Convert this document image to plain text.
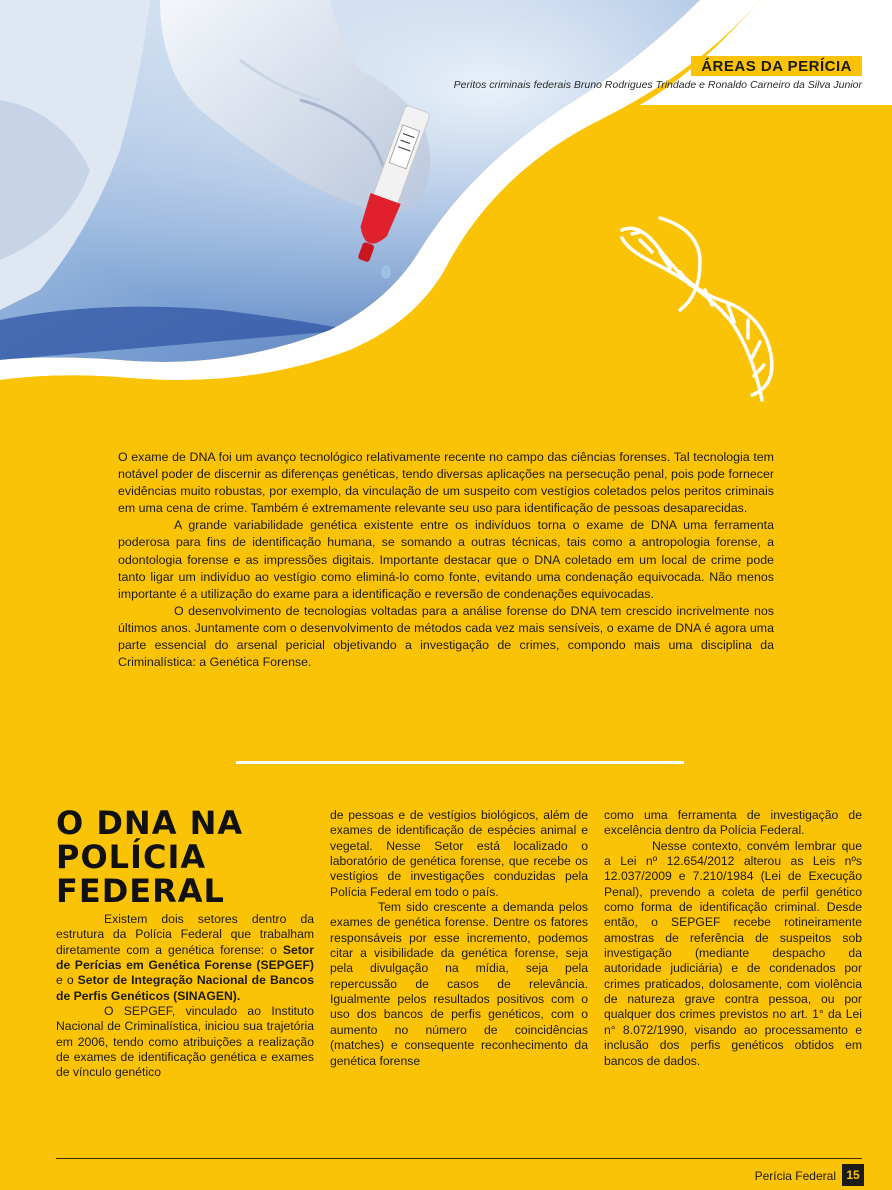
ÁREAS DA PERÍCIA
Peritos criminais federais Bruno Rodrigues Trindade e Ronaldo Carneiro da Silva Junior

O exame de DNA foi um avanço tecnológico relativamente recente no campo das ciências forenses. Tal tecnologia tem notável poder de discernir as diferenças genéticas, tendo diversas aplicações na persecução penal, pois pode fornecer evidências muito robustas, por exemplo, da vinculação de um suspeito com vestígios coletados pelos peritos criminais em uma cena de crime. Também é extremamente relevante seu uso para identificação de pessoas desaparecidas.

A grande variabilidade genética existente entre os indivíduos torna o exame de DNA uma ferramenta poderosa para fins de identificação humana, se somando a outras técnicas, tais como a antropologia forense, a odontologia forense e as impressões digitais. Importante destacar que o DNA coletado em um local de crime pode tanto ligar um indivíduo ao vestígio como eliminá-lo como fonte, evitando uma condenação equivocada. Não menos importante é a utilização do exame para a identificação e reversão de condenações equivocadas.

O desenvolvimento de tecnologias voltadas para a análise forense do DNA tem crescido incrivelmente nos últimos anos. Juntamente com o desenvolvimento de métodos cada vez mais sensíveis, o exame de DNA é agora uma parte essencial do arsenal pericial objetivando a investigação de crimes, compondo mais uma disciplina da Criminalística: a Genética Forense.

O DNA NA POLÍCIA FEDERAL

Existem dois setores dentro da estrutura da Polícia Federal que trabalham diretamente com a genética forense: o Setor de Perícias em Genética Forense (SEPGEF) e o Setor de Integração Nacional de Bancos de Perfis Genéticos (SINAGEN).

O SEPGEF, vinculado ao Instituto Nacional de Criminalística, iniciou sua trajetória em 2006, tendo como atribuições a realização de exames de identificação genética e exames de vínculo genético

de pessoas e de vestígios biológicos, além de exames de identificação de espécies animal e vegetal. Nesse Setor está localizado o laboratório de genética forense, que recebe os vestígios de investigações conduzidas pela Polícia Federal em todo o país.

Tem sido crescente a demanda pelos exames de genética forense. Dentre os fatores responsáveis por esse incremento, podemos citar a visibilidade da genética forense, seja pela divulgação na mídia, seja pela repercussão de casos de relevância. Igualmente pelos resultados positivos com o uso dos bancos de perfis genéticos, com o aumento no número de coincidências (matches) e consequente reconhecimento da genética forense

como uma ferramenta de investigação de excelência dentro da Polícia Federal.

Nesse contexto, convém lembrar que a Lei nº 12.654/2012 alterou as Leis nºs 12.037/2009 e 7.210/1984 (Lei de Execução Penal), prevendo a coleta de perfil genético como forma de identificação criminal. Desde então, o SEPGEF recebe rotineiramente amostras de referência de suspeitos sob investigação (mediante despacho da autoridade judiciária) e de condenados por crimes praticados, dolosamente, com violência de natureza grave contra pessoa, ou por qualquer dos crimes previstos no art. 1° da Lei n° 8.072/1990, visando ao processamento e inclusão dos perfis genéticos obtidos em bancos de dados.

Perícia Federal 15
